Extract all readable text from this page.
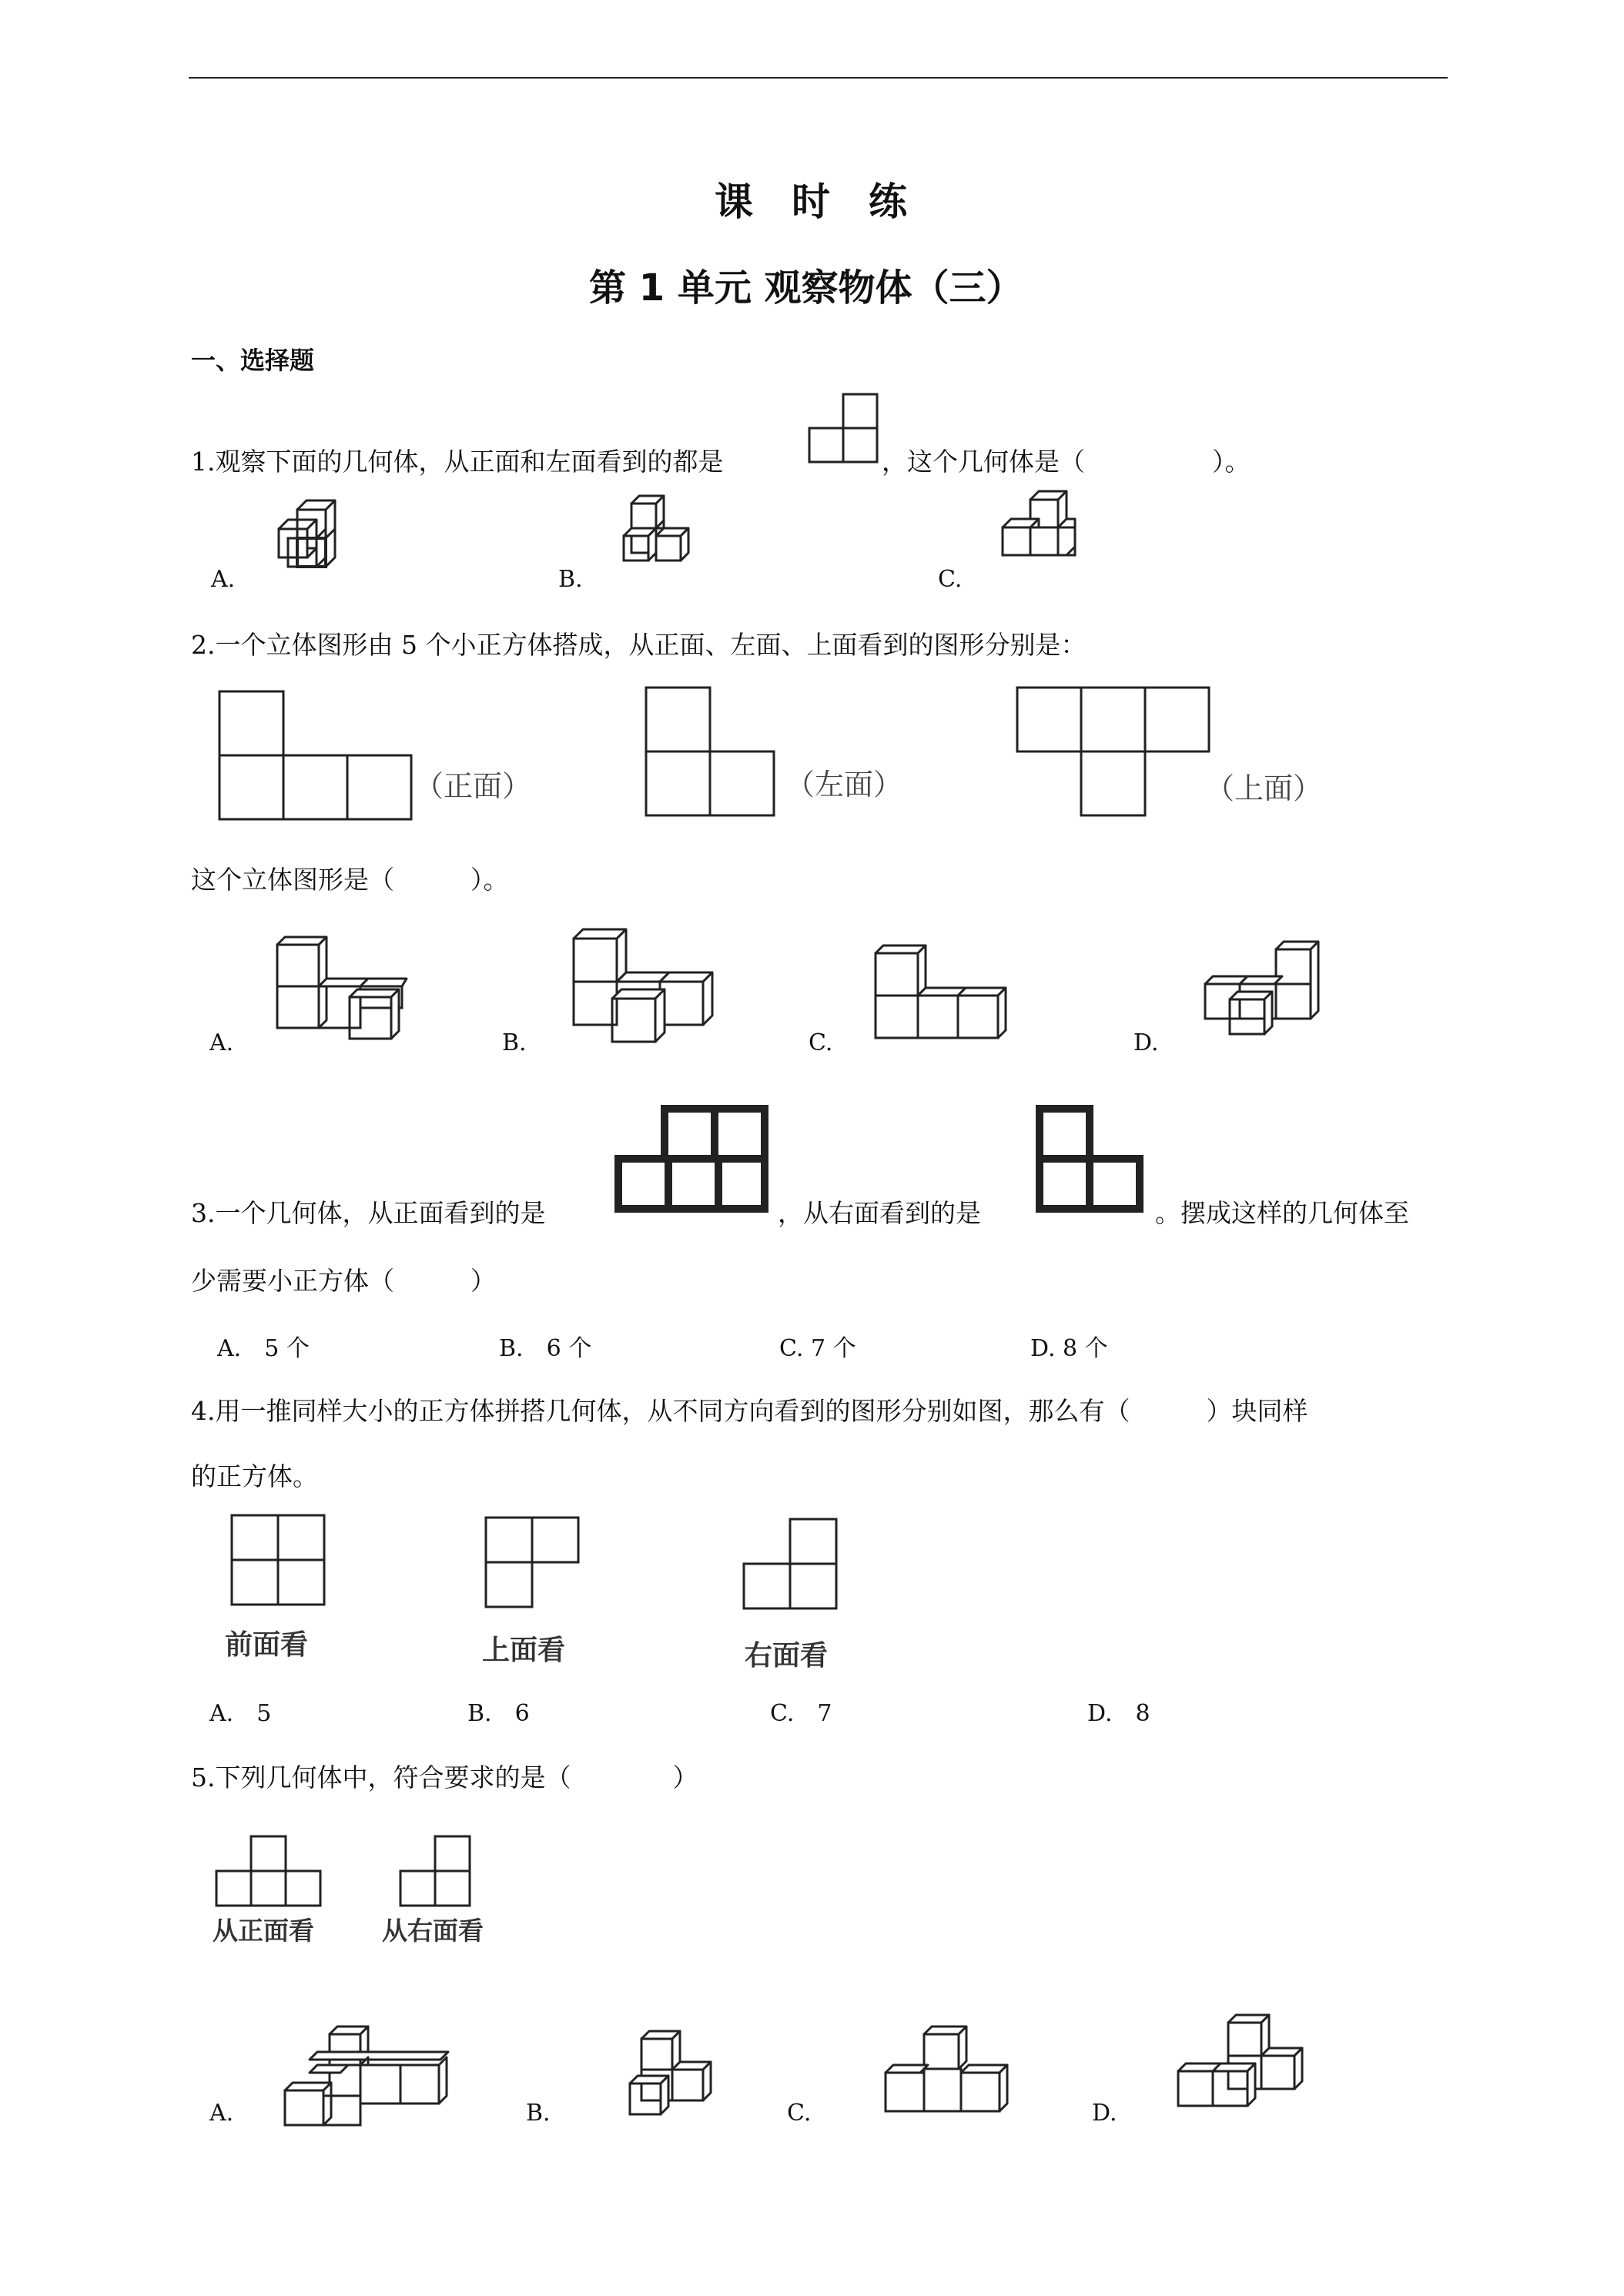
课　时　练
第 1 单元 观察物体（三）
一、选择题
1.观察下面的几何体，从正面和左面看到的都是	，这个几何体是（　　　　　）。
A.	B.	C.
2.一个立体图形由 5 个小正方体搭成，从正面、左面、上面看到的图形分别是：
（正面）	（左面）	（上面）
这个立体图形是（　　　）。
A.	B.	C.	D.
3.一个几何体，从正面看到的是	，从右面看到的是	。摆成这样的几何体至
少需要小正方体（　　　）
A.　5 个	B.　6 个	C. 7 个	D. 8 个
4.用一推同样大小的正方体拼搭几何体，从不同方向看到的图形分别如图，那么有（　　　）块同样
的正方体。
前面看	上面看	右面看
A.　5	B.　6	C.　7	D.　8
5.下列几何体中，符合要求的是（　　　　）
从正面看	从右面看
A.	B.	C.	D.
